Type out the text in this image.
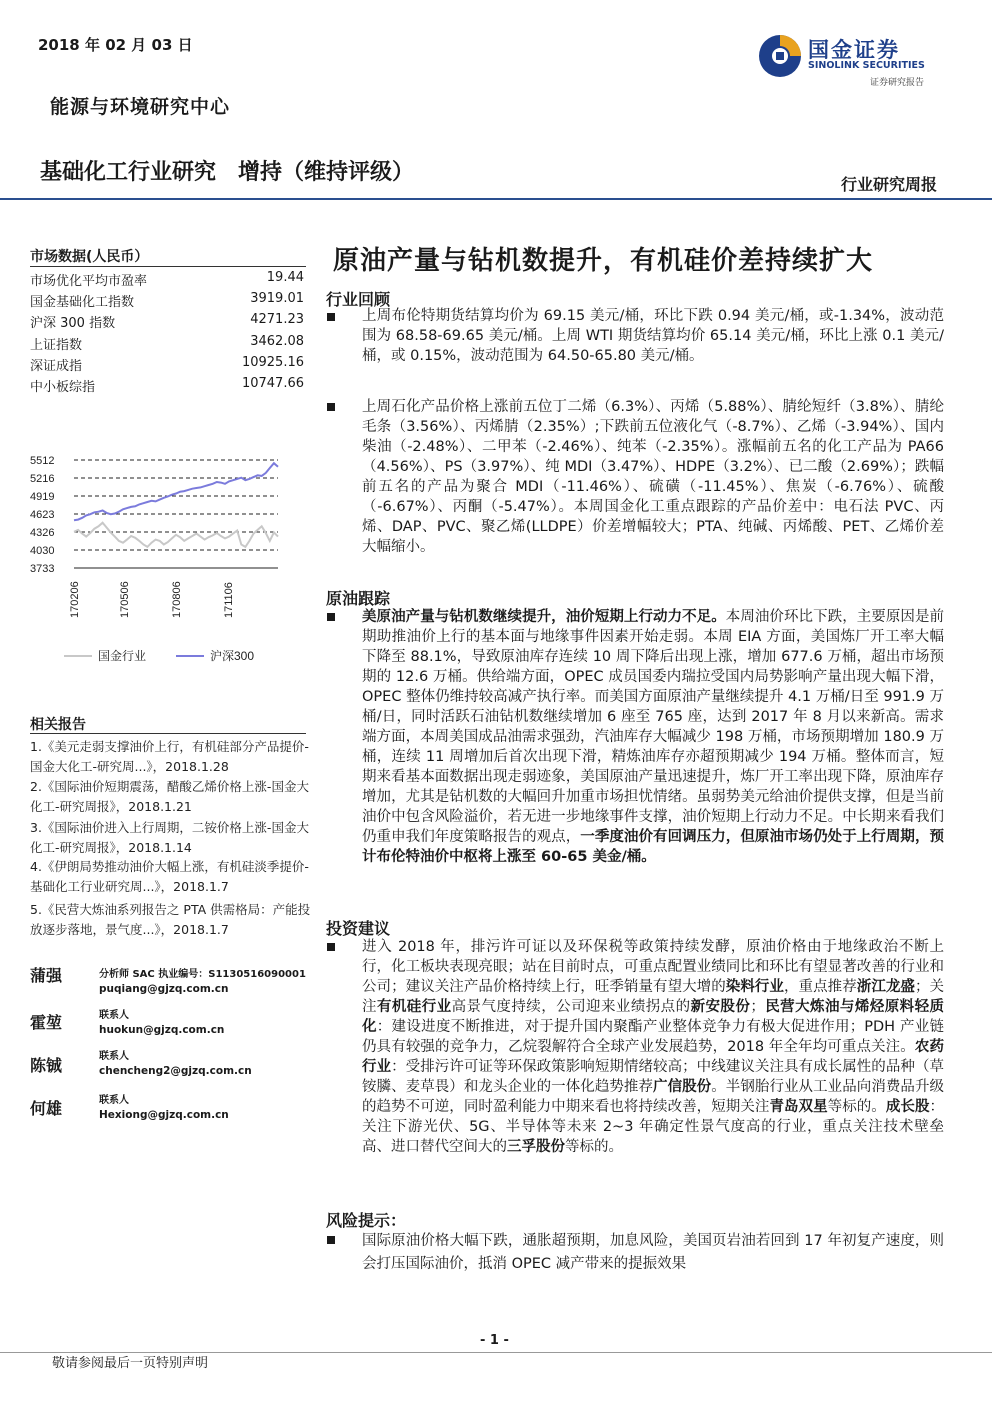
2018 年 02 月 03 日
能源与环境研究中心
基础化工行业研究　增持（维持评级）	行业研究周报
国金证券
SINOLINK SECURITIES
证券研究报告
市场数据(人民币）
市场优化平均市盈率	19.44
国金基础化工指数	3919.01
沪深 300 指数	4271.23
上证指数	3462.08
深证成指	10925.16
中小板综指	10747.66
5512
5216
4919
4623
4326
4030
3733
170206	170506	170806	171106
国金行业	沪深300
相关报告
1.《美元走弱支撑油价上行，有机硅部分产品提价-国金大化工-研究周...》，2018.1.28
2.《国际油价短期震荡，醋酸乙烯价格上涨-国金大化工-研究周报》，2018.1.21
3.《国际油价进入上行周期，二铵价格上涨-国金大化工-研究周报》，2018.1.14
4.《伊朗局势推动油价大幅上涨，有机硅淡季提价-基础化工行业研究周...》，2018.1.7
5.《民营大炼油系列报告之 PTA 供需格局：产能投放逐步落地，景气度...》，2018.1.7
蒲强	分析师 SAC 执业编号：S1130516090001
puqiang@gjzq.com.cn
霍堃	联系人
huokun@gjzq.com.cn
陈铖	联系人
chencheng2@gjzq.com.cn
何雄	联系人
Hexiong@gjzq.com.cn
原油产量与钻机数提升，有机硅价差持续扩大
行业回顾
上周布伦特期货结算均价为 69.15 美元/桶，环比下跌 0.94 美元/桶，或-1.34%，波动范围为 68.58-69.65 美元/桶。上周 WTI 期货结算均价 65.14 美元/桶，环比上涨 0.1 美元/桶，或 0.15%，波动范围为 64.50-65.80 美元/桶。
上周石化产品价格上涨前五位丁二烯（6.3%）、丙烯（5.88%）、腈纶短纤（3.8%）、腈纶毛条（3.56%）、丙烯腈（2.35%）;下跌前五位液化气（-8.7%）、乙烯（-3.94%）、国内柴油（-2.48%）、二甲苯（-2.46%）、纯苯（-2.35%）。涨幅前五名的化工产品为 PA66（4.56%）、PS（3.97%）、纯 MDI（3.47%）、HDPE（3.2%）、已二酸（2.69%）；跌幅前五名的产品为聚合 MDI（-11.46%）、硫磺（-11.45%）、焦炭（-6.76%）、硫酸（-6.67%）、丙酮（-5.47%）。本周国金化工重点跟踪的产品价差中：电石法 PVC、丙烯、DAP、PVC、聚乙烯(LLDPE）价差增幅较大；PTA、纯碱、丙烯酸、PET、乙烯价差大幅缩小。
原油跟踪
美原油产量与钻机数继续提升，油价短期上行动力不足。本周油价环比下跌，主要原因是前期助推油价上行的基本面与地缘事件因素开始走弱。本周 EIA 方面，美国炼厂开工率大幅下降至 88.1%，导致原油库存连续 10 周下降后出现上涨，增加 677.6 万桶，超出市场预期的 12.6 万桶。供给端方面，OPEC 成员国委内瑞拉受国内局势影响产量出现大幅下滑，OPEC 整体仍维持较高减产执行率。而美国方面原油产量继续提升 4.1 万桶/日至 991.9 万桶/日，同时活跃石油钻机数继续增加 6 座至 765 座，达到 2017 年 8 月以来新高。需求端方面，本周美国成品油需求强劲，汽油库存大幅减少 198 万桶，市场预期增加 180.9 万桶，连续 11 周增加后首次出现下滑，精炼油库存亦超预期减少 194 万桶。整体而言，短期来看基本面数据出现走弱迹象，美国原油产量迅速提升，炼厂开工率出现下降，原油库存增加，尤其是钻机数的大幅回升加重市场担忧情绪。虽弱势美元给油价提供支撑，但是当前油价中包含风险溢价，若无进一步地缘事件支撑，油价短期上行动力不足。中长期来看我们仍重申我们年度策略报告的观点，一季度油价有回调压力，但原油市场仍处于上行周期，预计布伦特油价中枢将上涨至 60-65 美金/桶。
投资建议
进入 2018 年，排污许可证以及环保税等政策持续发酵，原油价格由于地缘政治不断上行，化工板块表现亮眼；站在目前时点，可重点配置业绩同比和环比有望显著改善的行业和公司；建议关注产品价格持续上行，旺季销量有望大增的染料行业，重点推荐浙江龙盛；关注有机硅行业高景气度持续，公司迎来业绩拐点的新安股份；民营大炼油与烯烃原料轻质化：建设进度不断推进，对于提升国内聚酯产业整体竞争力有极大促进作用；PDH 产业链仍具有较强的竞争力，乙烷裂解符合全球产业发展趋势，2018 年全年均可重点关注。农药行业：受排污许可证等环保政策影响短期情绪较高；中线建议关注具有成长属性的品种（草铵膦、麦草畏）和龙头企业的一体化趋势推荐广信股份。半钢胎行业从工业品向消费品升级的趋势不可逆，同时盈利能力中期来看也将持续改善，短期关注青岛双星等标的。成长股：关注下游光伏、5G、半导体等未来 2~3 年确定性景气度高的行业，重点关注技术壁垒高、进口替代空间大的三孚股份等标的。
风险提示：
国际原油价格大幅下跌，通胀超预期，加息风险，美国页岩油若回到 17 年初复产速度，则会打压国际油价，抵消 OPEC 减产带来的提振效果
- 1 -
敬请参阅最后一页特别声明
